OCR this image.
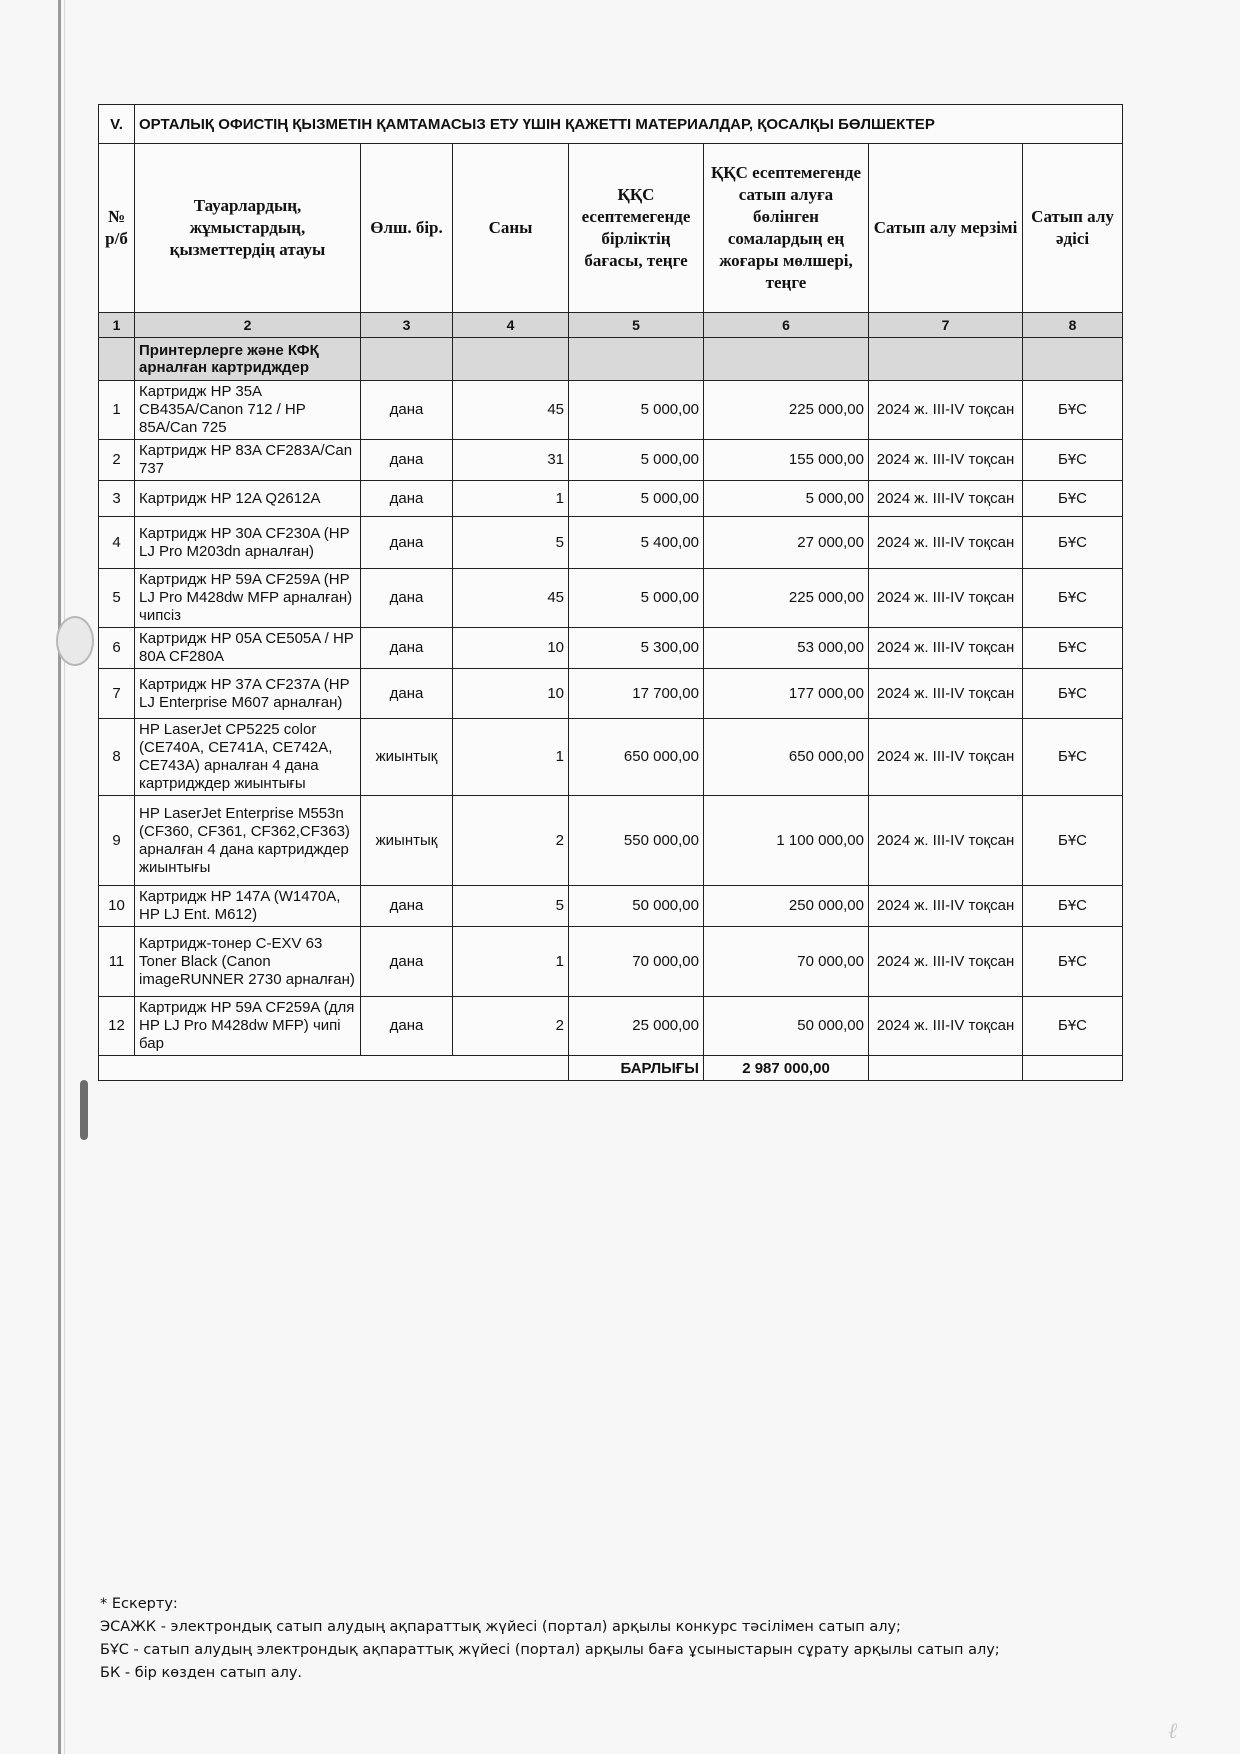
V.	ОРТАЛЫҚ ОФИСТІҢ ҚЫЗМЕТІН ҚАМТАМАСЫЗ ЕТУ ҮШІН ҚАЖЕТТІ МАТЕРИАЛДАР, ҚОСАЛҚЫ БӨЛШЕКТЕР						
№ р/б	Тауарлардың, жұмыстардың, қызметтердің атауы	Өлш. бір.	Саны	ҚҚС есептемегенде бірліктің бағасы, теңге	ҚҚС есептемегенде сатып алуға бөлінген сомалардың ең жоғары мөлшері, теңге	Сатып алу мерзімі	Сатып алу әдісі
1	2	3	4	5	6	7	8
	Принтерлерге және КФҚ арналған картридждер						
1	Картридж HP 35A CB435A/Canon 712 / HP 85A/Can 725	дана	45	5 000,00	225 000,00	2024 ж. III-IV тоқсан	БҰС
2	Картридж HP 83A CF283A/Can 737	дана	31	5 000,00	155 000,00	2024 ж. III-IV тоқсан	БҰС
3	Картридж HP 12A Q2612A	дана	1	5 000,00	5 000,00	2024 ж. III-IV тоқсан	БҰС
4	Картридж HP 30A CF230A (HP LJ Pro M203dn арналған)	дана	5	5 400,00	27 000,00	2024 ж. III-IV тоқсан	БҰС
5	Картридж HP 59A CF259A (HP LJ Pro M428dw MFP арналған) чипсіз	дана	45	5 000,00	225 000,00	2024 ж. III-IV тоқсан	БҰС
6	Картридж HP 05A CE505A / HP 80A CF280A	дана	10	5 300,00	53 000,00	2024 ж. III-IV тоқсан	БҰС
7	Картридж HP 37A CF237A (HP LJ Enterprise M607 арналған)	дана	10	17 700,00	177 000,00	2024 ж. III-IV тоқсан	БҰС
8	HP LaserJet CP5225 color (CE740A, CE741A, CE742A, CE743A) арналған 4 дана картридждер жиынтығы	жиынтық	1	650 000,00	650 000,00	2024 ж. III-IV тоқсан	БҰС
9	HP LaserJet Enterprise M553n (CF360, CF361, CF362,CF363) арналған 4 дана картридждер жиынтығы	жиынтық	2	550 000,00	1 100 000,00	2024 ж. III-IV тоқсан	БҰС
10	Картридж HP 147A (W1470A, HP LJ Ent. M612)	дана	5	50 000,00	250 000,00	2024 ж. III-IV тоқсан	БҰС
11	Картридж-тонер C-EXV 63 Toner Black (Canon imageRUNNER 2730 арналған)	дана	1	70 000,00	70 000,00	2024 ж. III-IV тоқсан	БҰС
12	Картридж HP 59A CF259A (для HP LJ Pro M428dw MFP) чипі бар	дана	2	25 000,00	50 000,00	2024 ж. III-IV тоқсан	БҰС
				БАРЛЫҒЫ	2 987 000,00		
* Ескерту:
ЭСАЖК - электрондық сатып алудың ақпараттық жүйесі (портал) арқылы конкурс тәсілімен сатып алу;
БҰС - сатып алудың электрондық ақпараттық жүйесі (портал) арқылы баға ұсыныстарын сұрату арқылы сатып алу;
БК - бір көзден сатып алу.
ℓ
